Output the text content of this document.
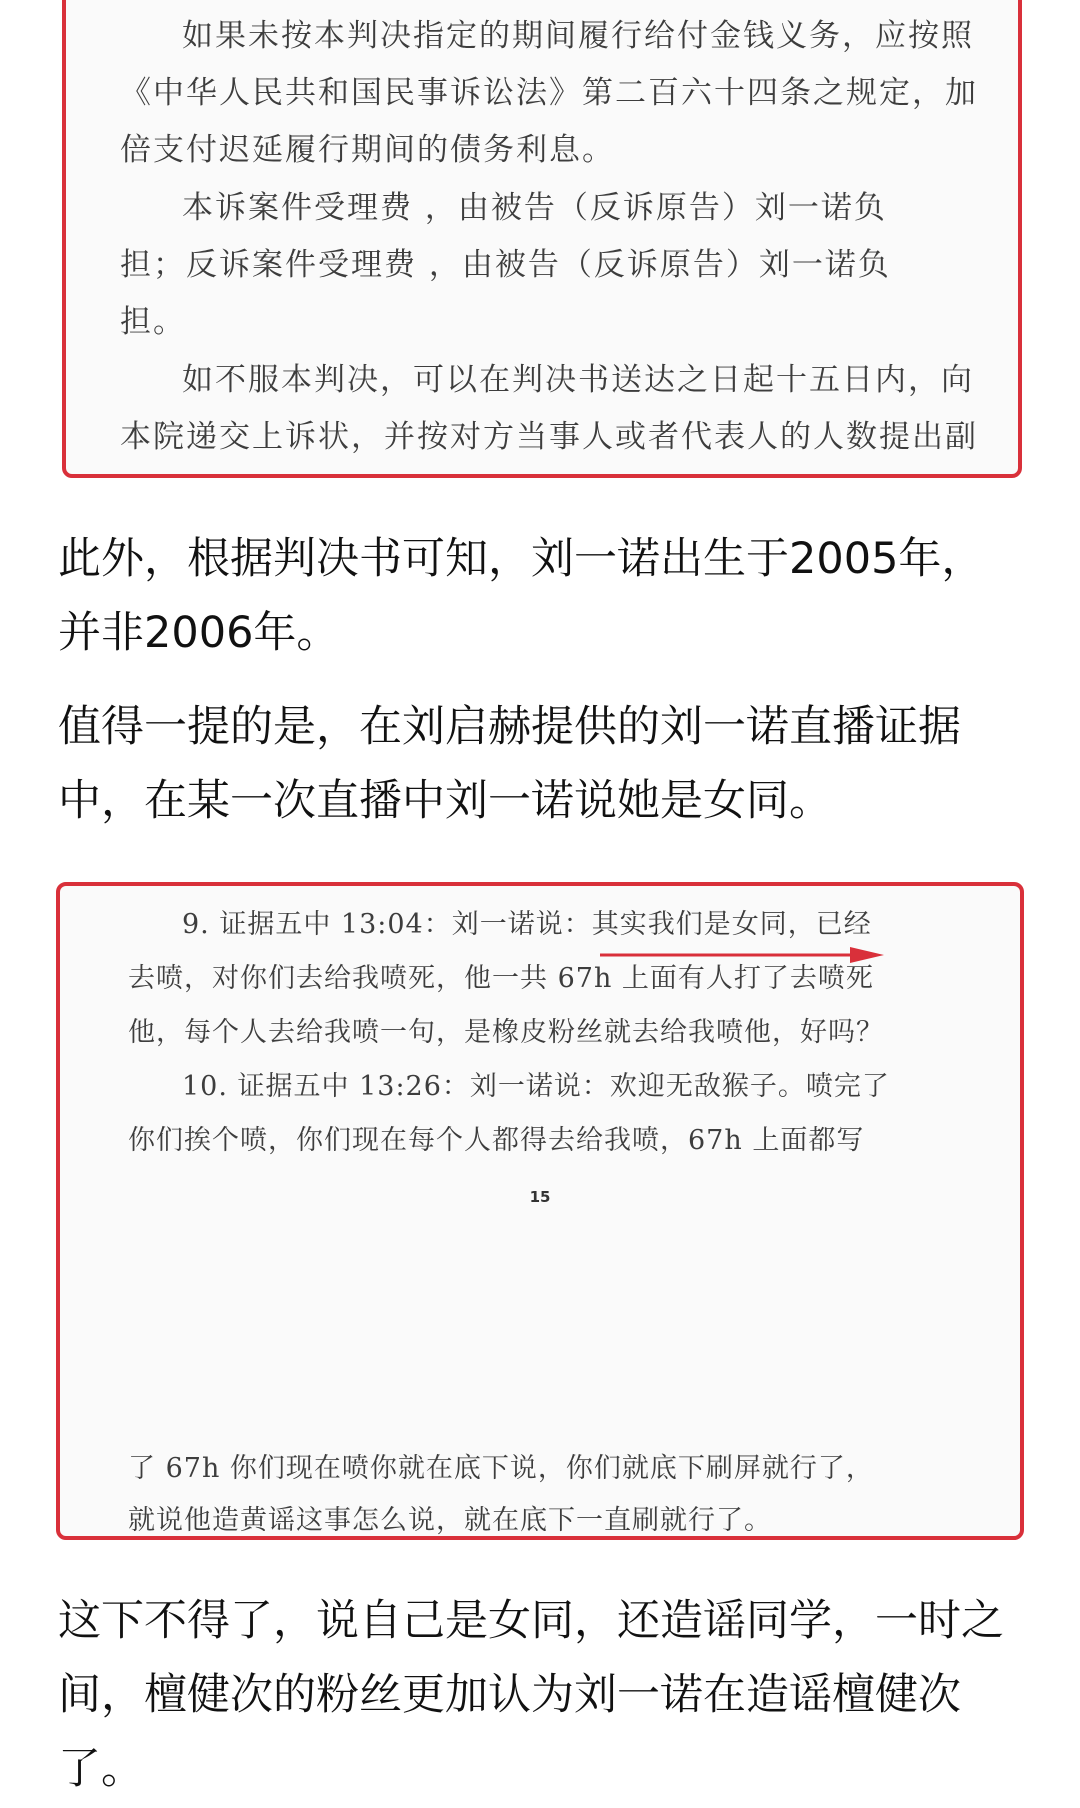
如果未按本判决指定的期间履行给付金钱义务，应按照
《中华人民共和国民事诉讼法》第二百六十四条之规定，加
倍支付迟延履行期间的债务利息。
本诉案件受理费 ，由被告（反诉原告）刘一诺负
担；反诉案件受理费 ，由被告（反诉原告）刘一诺负
担。
如不服本判决，可以在判决书送达之日起十五日内，向
本院递交上诉状，并按对方当事人或者代表人的人数提出副

此外，根据判决书可知，刘一诺出生于2005年，并非2006年。

值得一提的是，在刘启赫提供的刘一诺直播证据中，在某一次直播中刘一诺说她是女同。

9. 证据五中 13:04：刘一诺说：其实我们是女同，已经
去喷，对你们去给我喷死，他一共 67h 上面有人打了去喷死
他，每个人去给我喷一句，是橡皮粉丝就去给我喷他，好吗？
10. 证据五中 13:26：刘一诺说：欢迎无敌猴子。喷完了
你们挨个喷，你们现在每个人都得去给我喷，67h 上面都写
15
了 67h 你们现在喷你就在底下说，你们就底下刷屏就行了，
就说他造黄谣这事怎么说，就在底下一直刷就行了。

这下不得了，说自己是女同，还造谣同学，一时之间，檀健次的粉丝更加认为刘一诺在造谣檀健次了。
